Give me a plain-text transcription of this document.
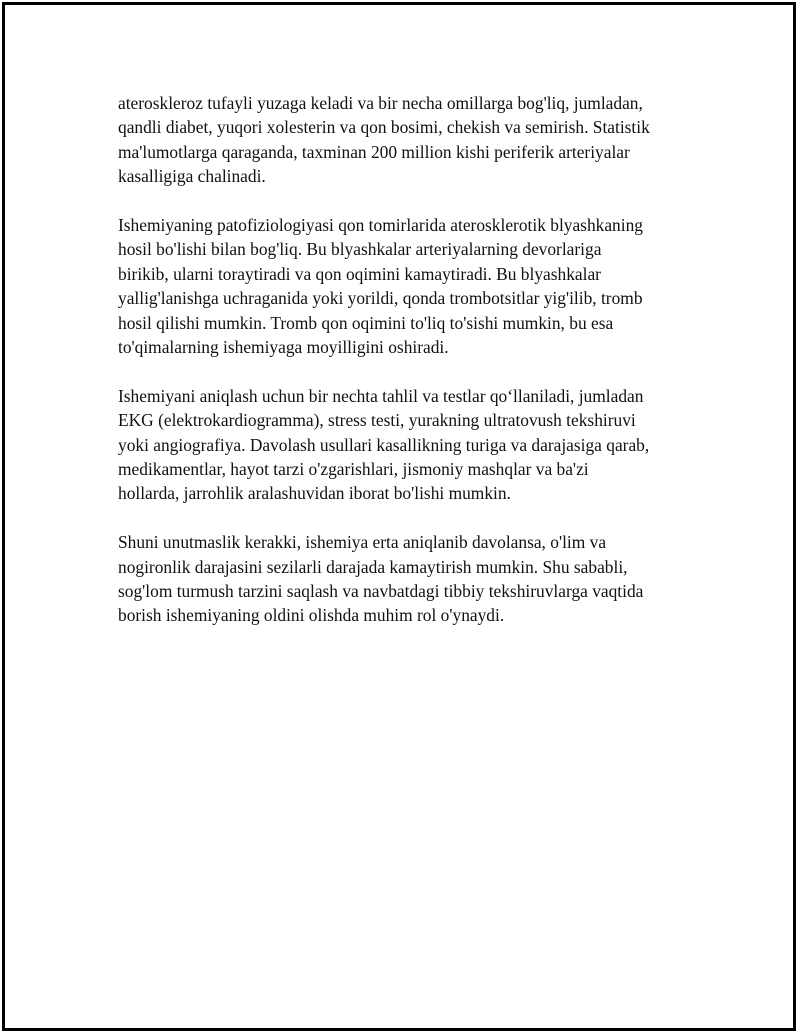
ateroskleroz tufayli yuzaga keladi va bir necha omillarga bog'liq, jumladan,
qandli diabet, yuqori xolesterin va qon bosimi, chekish va semirish. Statistik
ma'lumotlarga qaraganda, taxminan 200 million kishi periferik arteriyalar
kasalligiga chalinadi.

Ishemiyaning patofiziologiyasi qon tomirlarida aterosklerotik blyashkaning
hosil bo'lishi bilan bog'liq. Bu blyashkalar arteriyalarning devorlariga
birikib, ularni toraytiradi va qon oqimini kamaytiradi. Bu blyashkalar
yallig'lanishga uchraganida yoki yorildi, qonda trombotsitlar yig'ilib, tromb
hosil qilishi mumkin. Tromb qon oqimini to'liq to'sishi mumkin, bu esa
to'qimalarning ishemiyaga moyilligini oshiradi.

Ishemiyani aniqlash uchun bir nechta tahlil va testlar qo‘llaniladi, jumladan
EKG (elektrokardiogramma), stress testi, yurakning ultratovush tekshiruvi
yoki angiografiya. Davolash usullari kasallikning turiga va darajasiga qarab,
medikamentlar, hayot tarzi o'zgarishlari, jismoniy mashqlar va ba'zi
hollarda, jarrohlik aralashuvidan iborat bo'lishi mumkin.

Shuni unutmaslik kerakki, ishemiya erta aniqlanib davolansa, o'lim va
nogironlik darajasini sezilarli darajada kamaytirish mumkin. Shu sababli,
sog'lom turmush tarzini saqlash va navbatdagi tibbiy tekshiruvlarga vaqtida
borish ishemiyaning oldini olishda muhim rol o'ynaydi.
